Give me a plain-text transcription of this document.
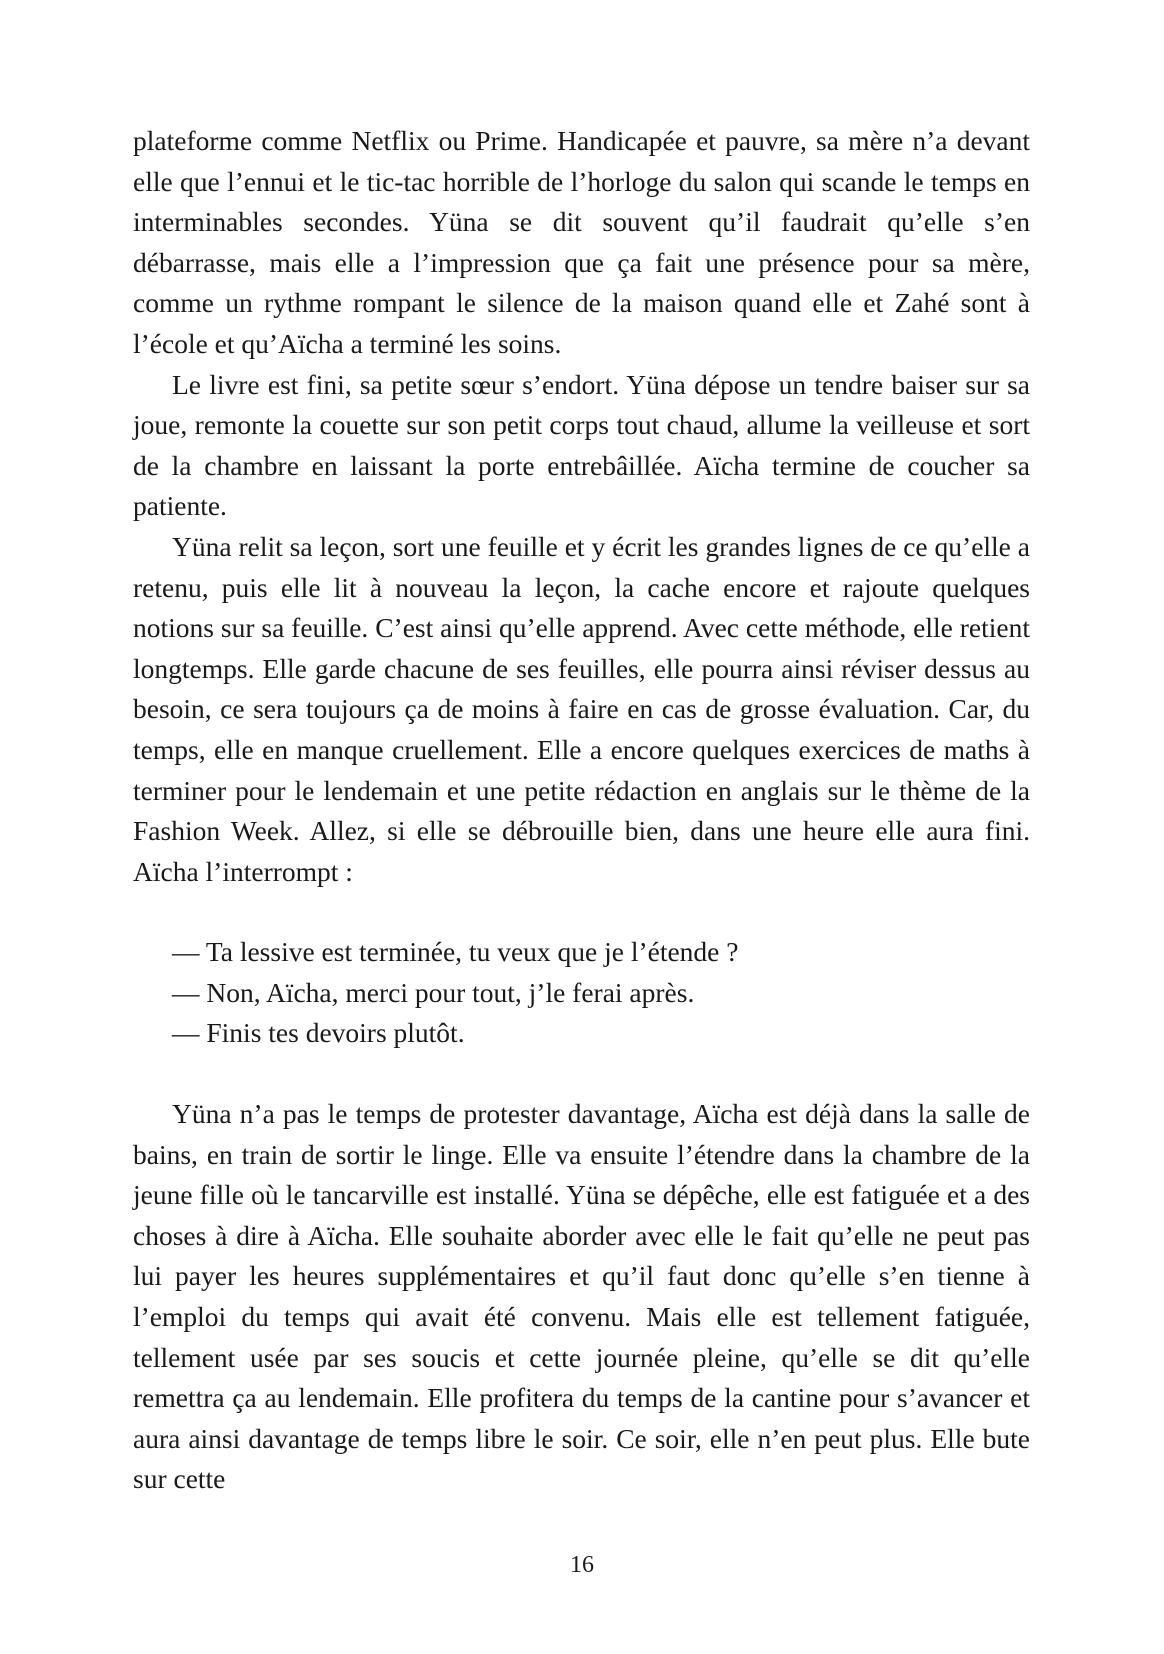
plateforme comme Netflix ou Prime. Handicapée et pauvre, sa mère n’a devant elle que l’ennui et le tic-tac horrible de l’horloge du salon qui scande le temps en interminables secondes. Yüna se dit souvent qu’il faudrait qu’elle s’en débarrasse, mais elle a l’impression que ça fait une présence pour sa mère, comme un rythme rompant le silence de la maison quand elle et Zahé sont à l’école et qu’Aïcha a terminé les soins.

Le livre est fini, sa petite sœur s’endort. Yüna dépose un tendre baiser sur sa joue, remonte la couette sur son petit corps tout chaud, allume la veilleuse et sort de la chambre en laissant la porte entrebâillée. Aïcha termine de coucher sa patiente.

Yüna relit sa leçon, sort une feuille et y écrit les grandes lignes de ce qu’elle a retenu, puis elle lit à nouveau la leçon, la cache encore et rajoute quelques notions sur sa feuille. C’est ainsi qu’elle apprend. Avec cette méthode, elle retient longtemps. Elle garde chacune de ses feuilles, elle pourra ainsi réviser dessus au besoin, ce sera toujours ça de moins à faire en cas de grosse évaluation. Car, du temps, elle en manque cruellement. Elle a encore quelques exercices de maths à terminer pour le lendemain et une petite rédaction en anglais sur le thème de la Fashion Week. Allez, si elle se débrouille bien, dans une heure elle aura fini. Aïcha l’interrompt :

— Ta lessive est terminée, tu veux que je l’étende ?

— Non, Aïcha, merci pour tout, j’le ferai après.

— Finis tes devoirs plutôt.

Yüna n’a pas le temps de protester davantage, Aïcha est déjà dans la salle de bains, en train de sortir le linge. Elle va ensuite l’étendre dans la chambre de la jeune fille où le tancarville est installé. Yüna se dépêche, elle est fatiguée et a des choses à dire à Aïcha. Elle souhaite aborder avec elle le fait qu’elle ne peut pas lui payer les heures supplémentaires et qu’il faut donc qu’elle s’en tienne à l’emploi du temps qui avait été convenu. Mais elle est tellement fatiguée, tellement usée par ses soucis et cette journée pleine, qu’elle se dit qu’elle remettra ça au lendemain. Elle profitera du temps de la cantine pour s’avancer et aura ainsi davantage de temps libre le soir. Ce soir, elle n’en peut plus. Elle bute sur cette

16
